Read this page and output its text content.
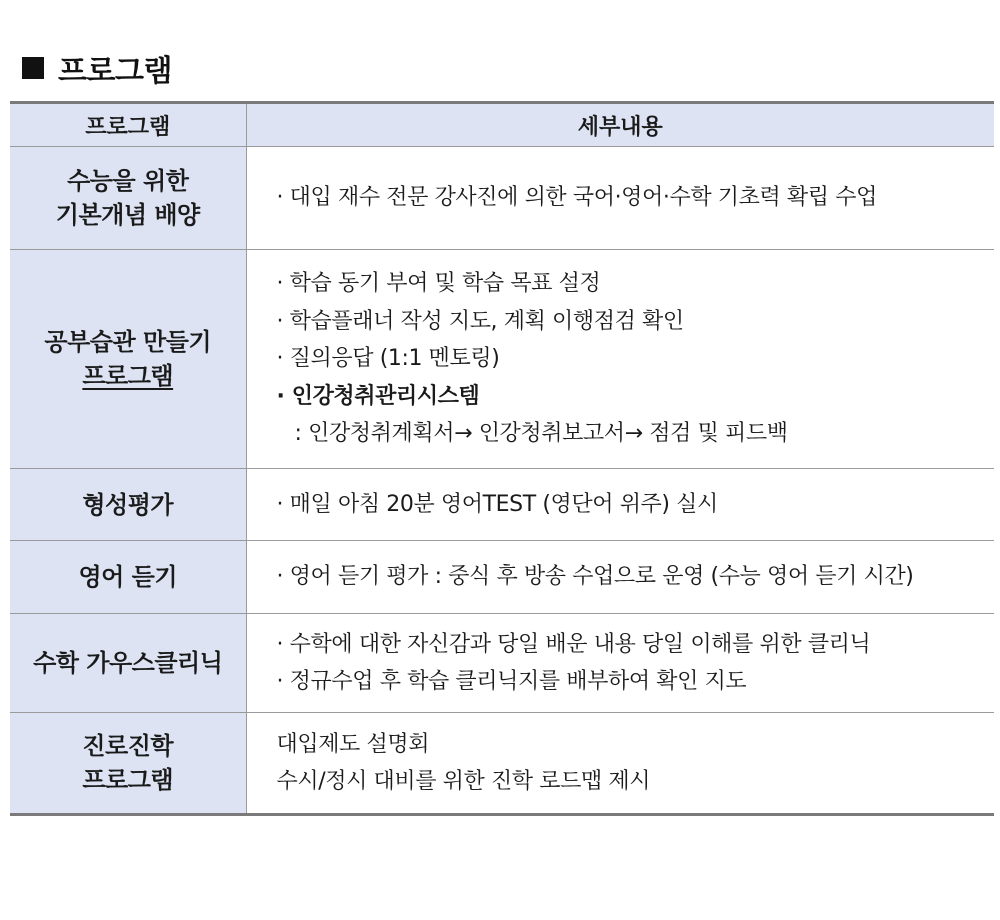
프로그램
프로그램	세부내용

수능을 위한
기본개념 배양	· 대입 재수 전문 강사진에 의한 국어·영어·수학 기초력 확립 수업

공부습관 만들기
프로그램	· 학습 동기 부여 및 학습 목표 설정
· 학습플래너 작성 지도, 계획 이행점검 확인
· 질의응답 (1:1 멘토링)
· 인강청취관리시스템
: 인강청취계획서→ 인강청취보고서→ 점검 및 피드백

형성평가	· 매일 아침 20분 영어TEST (영단어 위주) 실시

영어 듣기	· 영어 듣기 평가 : 중식 후 방송 수업으로 운영 (수능 영어 듣기 시간)

수학 가우스클리닉	· 수학에 대한 자신감과 당일 배운 내용 당일 이해를 위한 클리닉
· 정규수업 후 학습 클리닉지를 배부하여 확인 지도

진로진학
프로그램	대입제도 설명회
수시/정시 대비를 위한 진학 로드맵 제시
